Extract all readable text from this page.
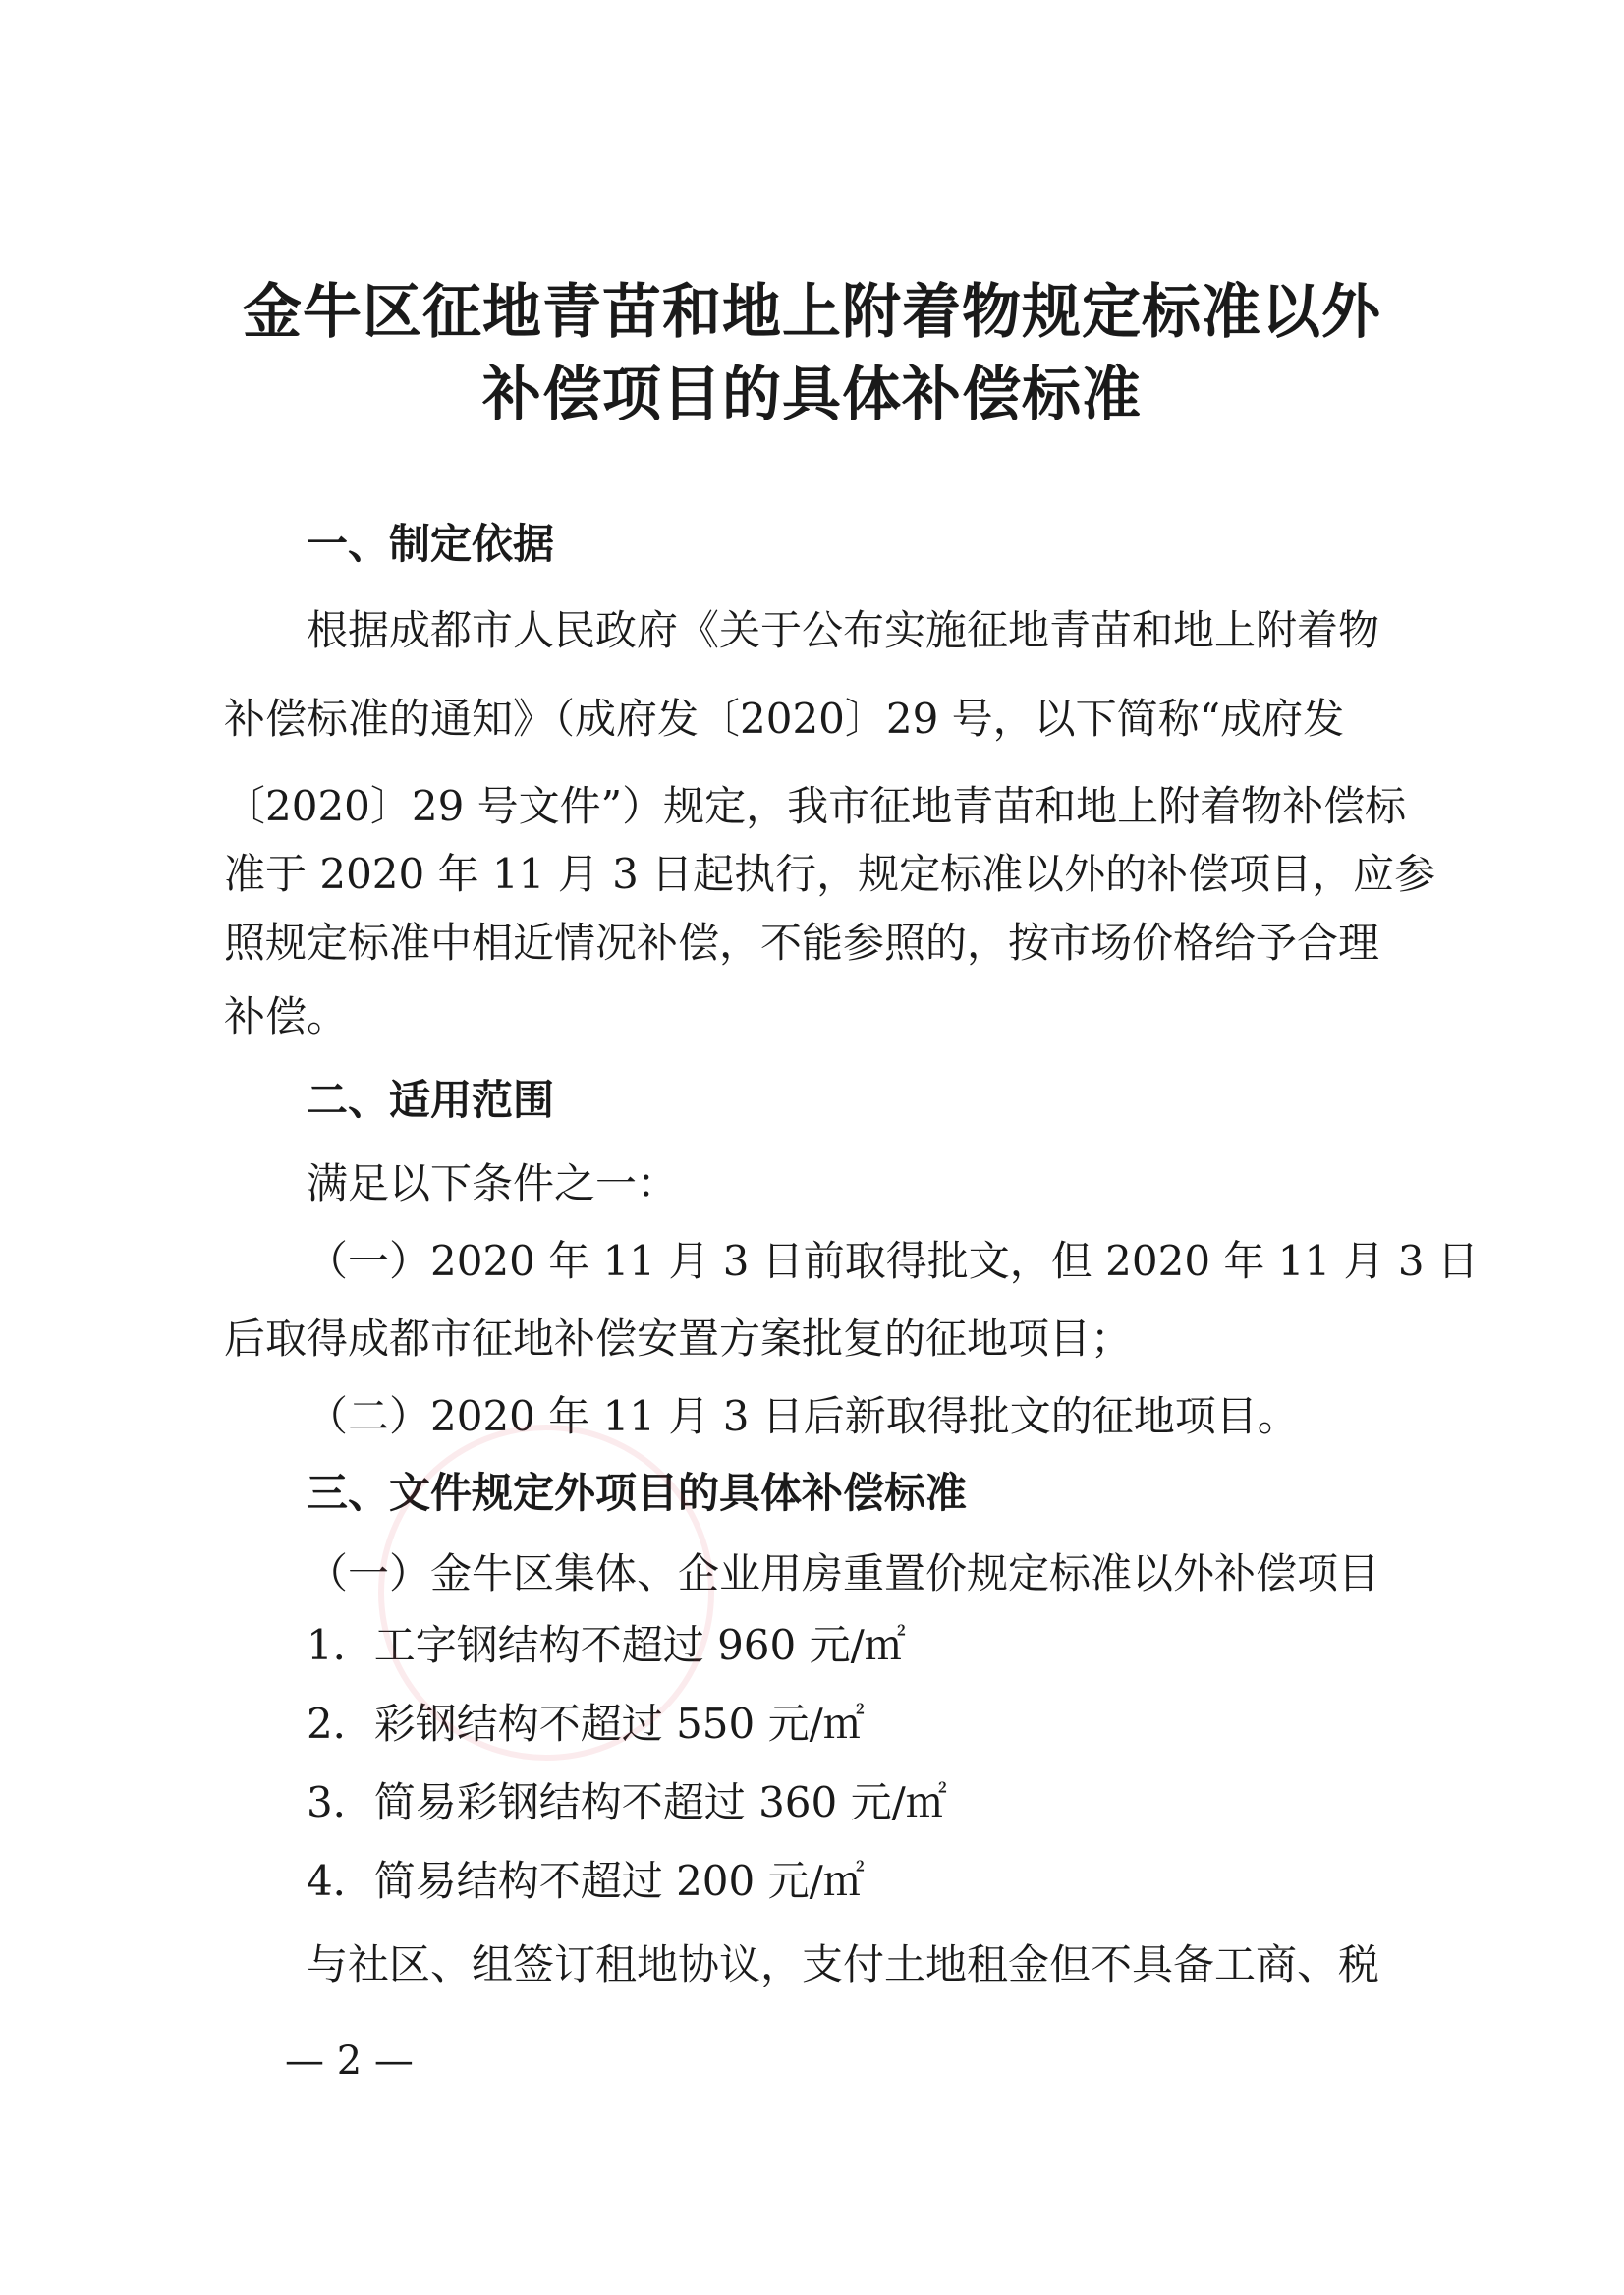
金牛区征地青苗和地上附着物规定标准以外
补偿项目的具体补偿标准
一、制定依据
根据成都市人民政府《关于公布实施征地青苗和地上附着物
补偿标准的通知》（成府发〔2020〕29 号，以下简称“成府发
〔2020〕29 号文件”）规定，我市征地青苗和地上附着物补偿标
准于 2020 年 11 月 3 日起执行，规定标准以外的补偿项目，应参
照规定标准中相近情况补偿，不能参照的，按市场价格给予合理
补偿。
二、适用范围
满足以下条件之一：
（一）2020 年 11 月 3 日前取得批文，但 2020 年 11 月 3 日
后取得成都市征地补偿安置方案批复的征地项目；
（二）2020 年 11 月 3 日后新取得批文的征地项目。
三、文件规定外项目的具体补偿标准
（一）金牛区集体、企业用房重置价规定标准以外补偿项目
1．工字钢结构不超过 960 元/㎡
2．彩钢结构不超过 550 元/㎡
3．简易彩钢结构不超过 360 元/㎡
4．简易结构不超过 200 元/㎡
与社区、组签订租地协议，支付土地租金但不具备工商、税
— 2 —
